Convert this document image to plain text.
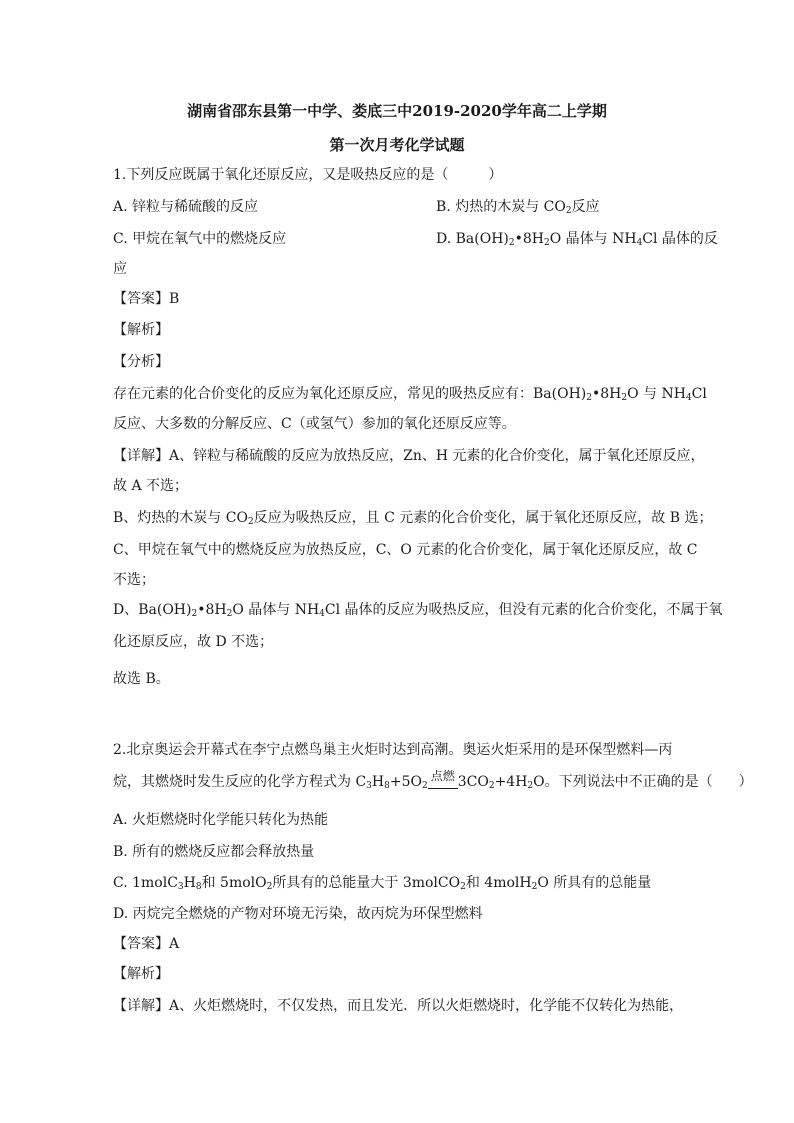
湖南省邵东县第一中学、娄底三中2019-2020学年高二上学期
第一次月考化学试题
1.下列反应既属于氧化还原反应，又是吸热反应的是（	）
A. 锌粒与稀硫酸的反应	B. 灼热的木炭与 $CO_2$反应
C. 甲烷在氧气中的燃烧反应	D. $Ba(OH)_2•8H_2O$ 晶体与 $NH_4Cl$ 晶体的反
应
【答案】B
【解析】
【分析】
存在元素的化合价变化的反应为氧化还原反应，常见的吸热反应有：$Ba(OH)_2•8H_2O$ 与 $NH_4Cl$
反应、大多数的分解反应、C（或氢气）参加的氧化还原反应等。
【详解】A、锌粒与稀硫酸的反应为放热反应，Zn、H 元素的化合价变化，属于氧化还原反应，
故 A 不选；
B、灼热的木炭与 $CO_2$反应为吸热反应，且 C 元素的化合价变化，属于氧化还原反应，故 B 选；
C、甲烷在氧气中的燃烧反应为放热反应，C、O 元素的化合价变化，属于氧化还原反应，故 C
不选；
D、$Ba(OH)_2•8H_2O$ 晶体与 $NH_4Cl$ 晶体的反应为吸热反应，但没有元素的化合价变化，不属于氧
化还原反应，故 D 不选；
故选 B。
2.北京奥运会开幕式在李宁点燃鸟巢主火炬时达到高潮。奥运火炬采用的是环保型燃料—丙
烷，其燃烧时发生反应的化学方程式为 $C_3H_8+5O_2$
点燃 $3CO_2+4H_2O$。下列说法中不正确的是（ ）
A. 火炬燃烧时化学能只转化为热能
B. 所有的燃烧反应都会释放热量
C. $1molC_3H_8$和 5molO$_2$所具有的总能量大于 3molCO$_2$和 4molH$_2$O 所具有的总能量
D. 丙烷完全燃烧的产物对环境无污染，故丙烷为环保型燃料
【答案】A
【解析】
【详解】A、火炬燃烧时，不仅发热，而且发光．所以火炬燃烧时，化学能不仅转化为热能，
